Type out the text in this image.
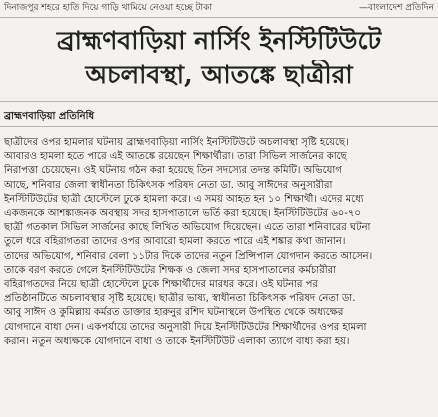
দিনাজপুর শহরে হাতি দিয়ে গাড়ি থামিয়ে নেওয়া হচ্ছে টাকা	—বাংলাদেশ প্রতিদিন
ব্রাহ্মণবাড়িয়া নার্সিং ইনস্টিটিউটে
অচলাবস্থা, আতঙ্কে ছাত্রীরা
ব্রাহ্মণবাড়িয়া প্রতিনিধি

ছাত্রীদের ওপর হামলার ঘটনায় ব্রাহ্মণবাড়িয়া নার্সিং ইনস্টিটিউটে অচলাবস্থা সৃষ্টি হয়েছে।

আবারও হামলা হতে পারে এই আতঙ্কে রয়েছেন শিক্ষার্থীরা। তারা সিভিল সার্জনের কাছে

নিরাপত্তা চেয়েছেন। ওই ঘটনায় গঠন করা হয়েছে তিন সদস্যের তদন্ত কমিটি। অভিযোগ

আছে, শনিবার জেলা স্বাধীনতা চিকিৎসক পরিষদ নেতা ডা. আবু সাঈদের অনুসারীরা

ইনস্টিটিউটের ছাত্রী হোস্টেলে ঢুকে হামলা করে। এ সময় আহত হন ১০ শিক্ষার্থী। এদের মধ্যে

একজনকে আশঙ্কাজনক অবস্থায় সদর হাসপাতালে ভর্তি করা হয়েছে। ইনস্টিটিউটের ৬০-৭০

ছাত্রী গতকাল সিভিল সার্জনের কাছে লিখিত অভিযোগ দিয়েছেন। এতে তারা শনিবারের ঘটনা

তুলে ধরে বহিরাগতরা তাদের ওপর আবারো হামলা করতে পারে এই শঙ্কার কথা জানান।

তাদের অভিযোগ, শনিবার বেলা ১১টার দিকে তাদের নতুন প্রিন্সিপাল যোগদান করতে আসেন।

তাকে বরণ করতে গেলে ইনস্টিটিউটের শিক্ষক ও জেলা সদর হাসপাতালের কর্মচারীরা

বহিরাগতদের নিয়ে ছাত্রী হোস্টেলে ঢুকে শিক্ষার্থীদের মারধর করে। ওই ঘটনার পর

প্রতিষ্ঠানটিতে অচলাবস্থার সৃষ্টি হয়েছে। ছাত্রীর ভাষ্য, স্বাধীনতা চিকিৎসক পরিষদ নেতা ডা.

আবু সাঈদ ও কুমিল্লায় কর্মরত ডাক্তার হারুনুর রশিদ ঘটনাস্থলে উপস্থিত থেকে অধ্যক্ষের

যোগদানে বাধা দেন। একপর্যায়ে তাদের অনুসারী দিয়ে ইনস্টিটিউটের শিক্ষার্থীদের ওপর হামলা

করান। নতুন অধ্যক্ষকে যোগদানে বাধা ও তাকে ইনস্টিটিউট এলাকা ত্যাগে বাধ্য করা হয়।
